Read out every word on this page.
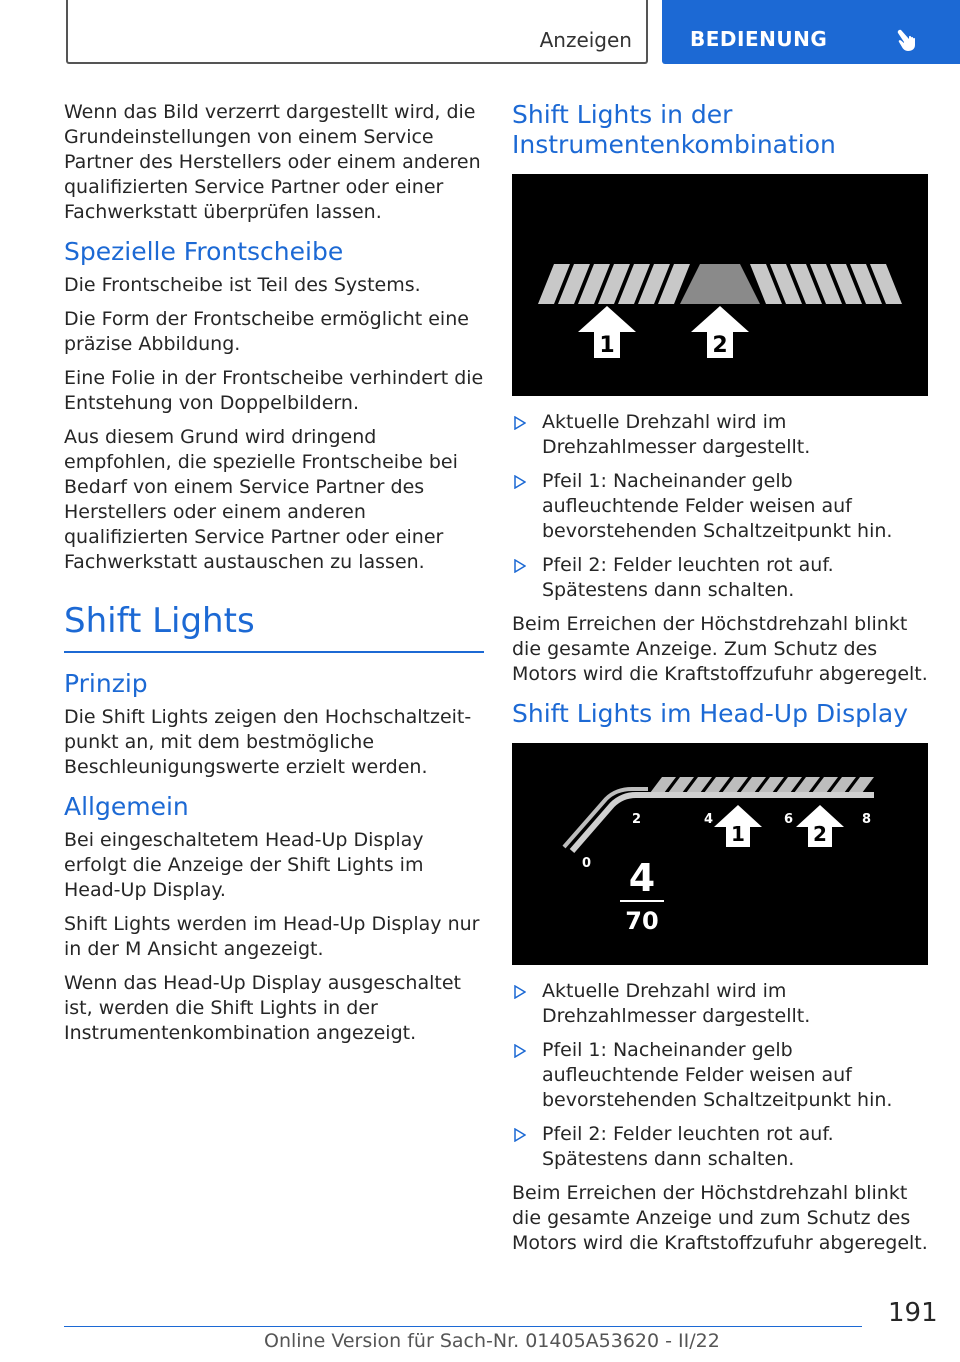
Anzeigen	BEDIENUNG

Wenn das Bild verzerrt dargestellt wird, die Grundeinstellungen von einem Service Partner des Herstellers oder einem anderen qualifizierten Service Partner oder einer Fachwerkstatt überprüfen lassen.

Spezielle Frontscheibe

Die Frontscheibe ist Teil des Systems.

Die Form der Frontscheibe ermöglicht eine präzise Abbildung.

Eine Folie in der Frontscheibe verhindert die Entstehung von Doppelbildern.

Aus diesem Grund wird dringend empfohlen, die spezielle Frontscheibe bei Bedarf von einem Service Partner des Herstellers oder einem anderen qualifizierten Service Partner oder einer Fachwerkstatt austauschen zu lassen.

Shift Lights
Prinzip

Die Shift Lights zeigen den Hochschaltzeitpunkt an, mit dem bestmögliche Beschleunigungswerte erzielt werden.

Allgemein

Bei eingeschaltetem Head-Up Display erfolgt die Anzeige der Shift Lights im Head-Up Display.

Shift Lights werden im Head-Up Display nur in der M Ansicht angezeigt.

Wenn das Head-Up Display ausgeschaltet ist, werden die Shift Lights in der Instrumentenkombination angezeigt.

Shift Lights in der Instrumentenkombination
1	2
Aktuelle Drehzahl wird im Drehzahlmesser dargestellt.
Pfeil 1: Nacheinander gelb aufleuchtende Felder weisen auf bevorstehenden Schaltzeitpunkt hin.
Pfeil 2: Felder leuchten rot auf. Spätestens dann schalten.

Beim Erreichen der Höchstdrehzahl blinkt die gesamte Anzeige. Zum Schutz des Motors wird die Kraftstoffzufuhr abgeregelt.

Shift Lights im Head-Up Display
0
2	4	6	8
1	2
4
70
Aktuelle Drehzahl wird im Drehzahlmesser dargestellt.
Pfeil 1: Nacheinander gelb aufleuchtende Felder weisen auf bevorstehenden Schaltzeitpunkt hin.
Pfeil 2: Felder leuchten rot auf. Spätestens dann schalten.

Beim Erreichen der Höchstdrehzahl blinkt die gesamte Anzeige und zum Schutz des Motors wird die Kraftstoffzufuhr abgeregelt.

191
Online Version für Sach-Nr. 01405A53620 - II/22
